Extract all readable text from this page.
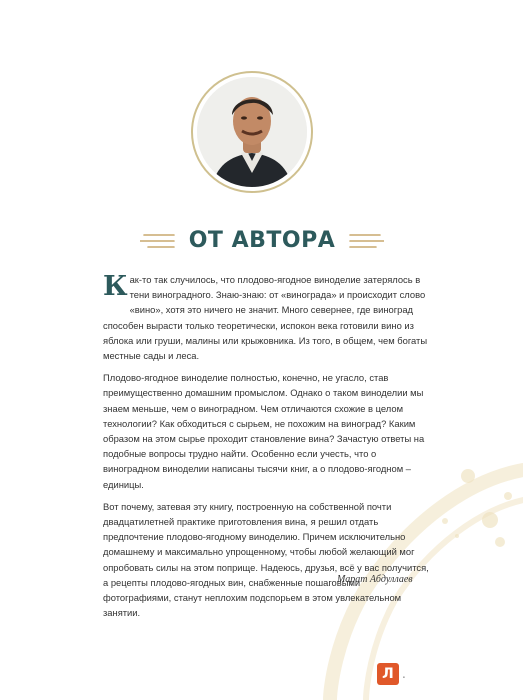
ОТ АВТОРА

Как-то так случилось, что плодово-ягодное виноделие затерялось в тени виноградного. Знаю-знаю: от «винограда» и происходит слово «вино», хотя это ничего не значит. Много севернее, где виноград способен вырасти только теоретически, испокон века готовили вино из яблока или груши, малины или крыжовника. Из того, в общем, чем богаты местные сады и леса.

Плодово-ягодное виноделие полностью, конечно, не угасло, став преимущественно домашним промыслом. Однако о таком виноделии мы знаем меньше, чем о виноградном. Чем отличаются схожие в целом технологии? Как обходиться с сырьем, не похожим на виноград? Каким образом на этом сырье проходит становление вина? Зачастую ответы на подобные вопросы трудно найти. Особенно если учесть, что о виноградном виноделии написаны тысячи книг, а о плодово-ягодном – единицы.

Вот почему, затевая эту книгу, построенную на собственной почти двадцатилетней практике приготовления вина, я решил отдать предпочтение плодово-ягодному виноделию. Причем исключительно домашнему и максимально упрощенному, чтобы любой желающий мог опробовать силы на этом поприще. Надеюсь, друзья, всё у вас получится, а рецепты плодово-ягодных вин, снабженные пошаговыми фотографиями, станут неплохим подспорьем в этом увлекательном занятии.

Марат Абдуллаев
Л .
